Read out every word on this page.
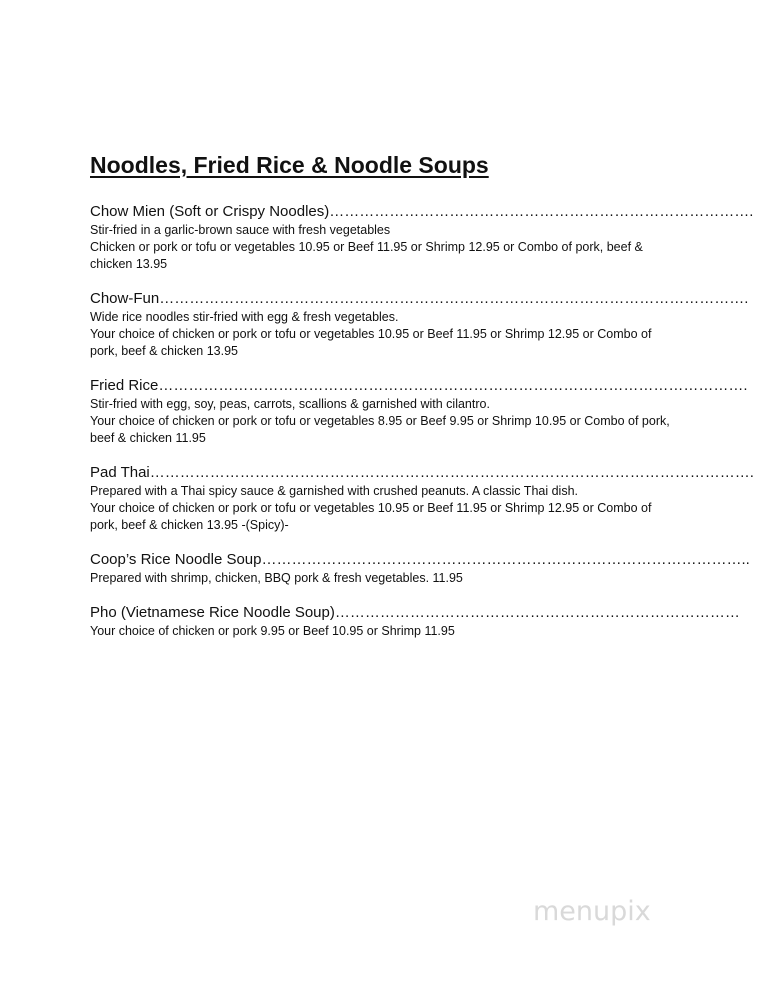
Noodles, Fried Rice & Noodle Soups
Chow Mien (Soft or Crispy Noodles)………………………………………………………………………….
Stir-fried in a garlic-brown sauce with fresh vegetables
Chicken or pork or tofu or vegetables 10.95 or Beef 11.95 or Shrimp 12.95 or Combo of pork, beef & chicken 13.95
Chow-Fun……………………………………………………………………………………………………….
Wide rice noodles stir-fried with egg & fresh vegetables.
Your choice of chicken or pork or tofu or vegetables 10.95 or Beef 11.95 or Shrimp 12.95 or Combo of pork, beef & chicken 13.95
Fried Rice……………………………………………………………………………………………………….
Stir-fried with egg, soy, peas, carrots, scallions & garnished with cilantro.
Your choice of chicken or pork or tofu or vegetables 8.95 or Beef 9.95 or Shrimp 10.95 or Combo of pork, beef & chicken 11.95
Pad Thai………………………………………………………………………………………………………….
Prepared with a Thai spicy sauce & garnished with crushed peanuts. A classic Thai dish.
Your choice of chicken or pork or tofu or vegetables 10.95 or Beef 11.95 or Shrimp 12.95 or Combo of pork, beef & chicken 13.95 -(Spicy)-
Coop’s Rice Noodle Soup……………………………………………………………………………………..
Prepared with shrimp, chicken, BBQ pork & fresh vegetables. 11.95
Pho (Vietnamese Rice Noodle Soup)………………………………………………………………………
Your choice of chicken or pork 9.95 or Beef 10.95 or Shrimp 11.95
menupix
